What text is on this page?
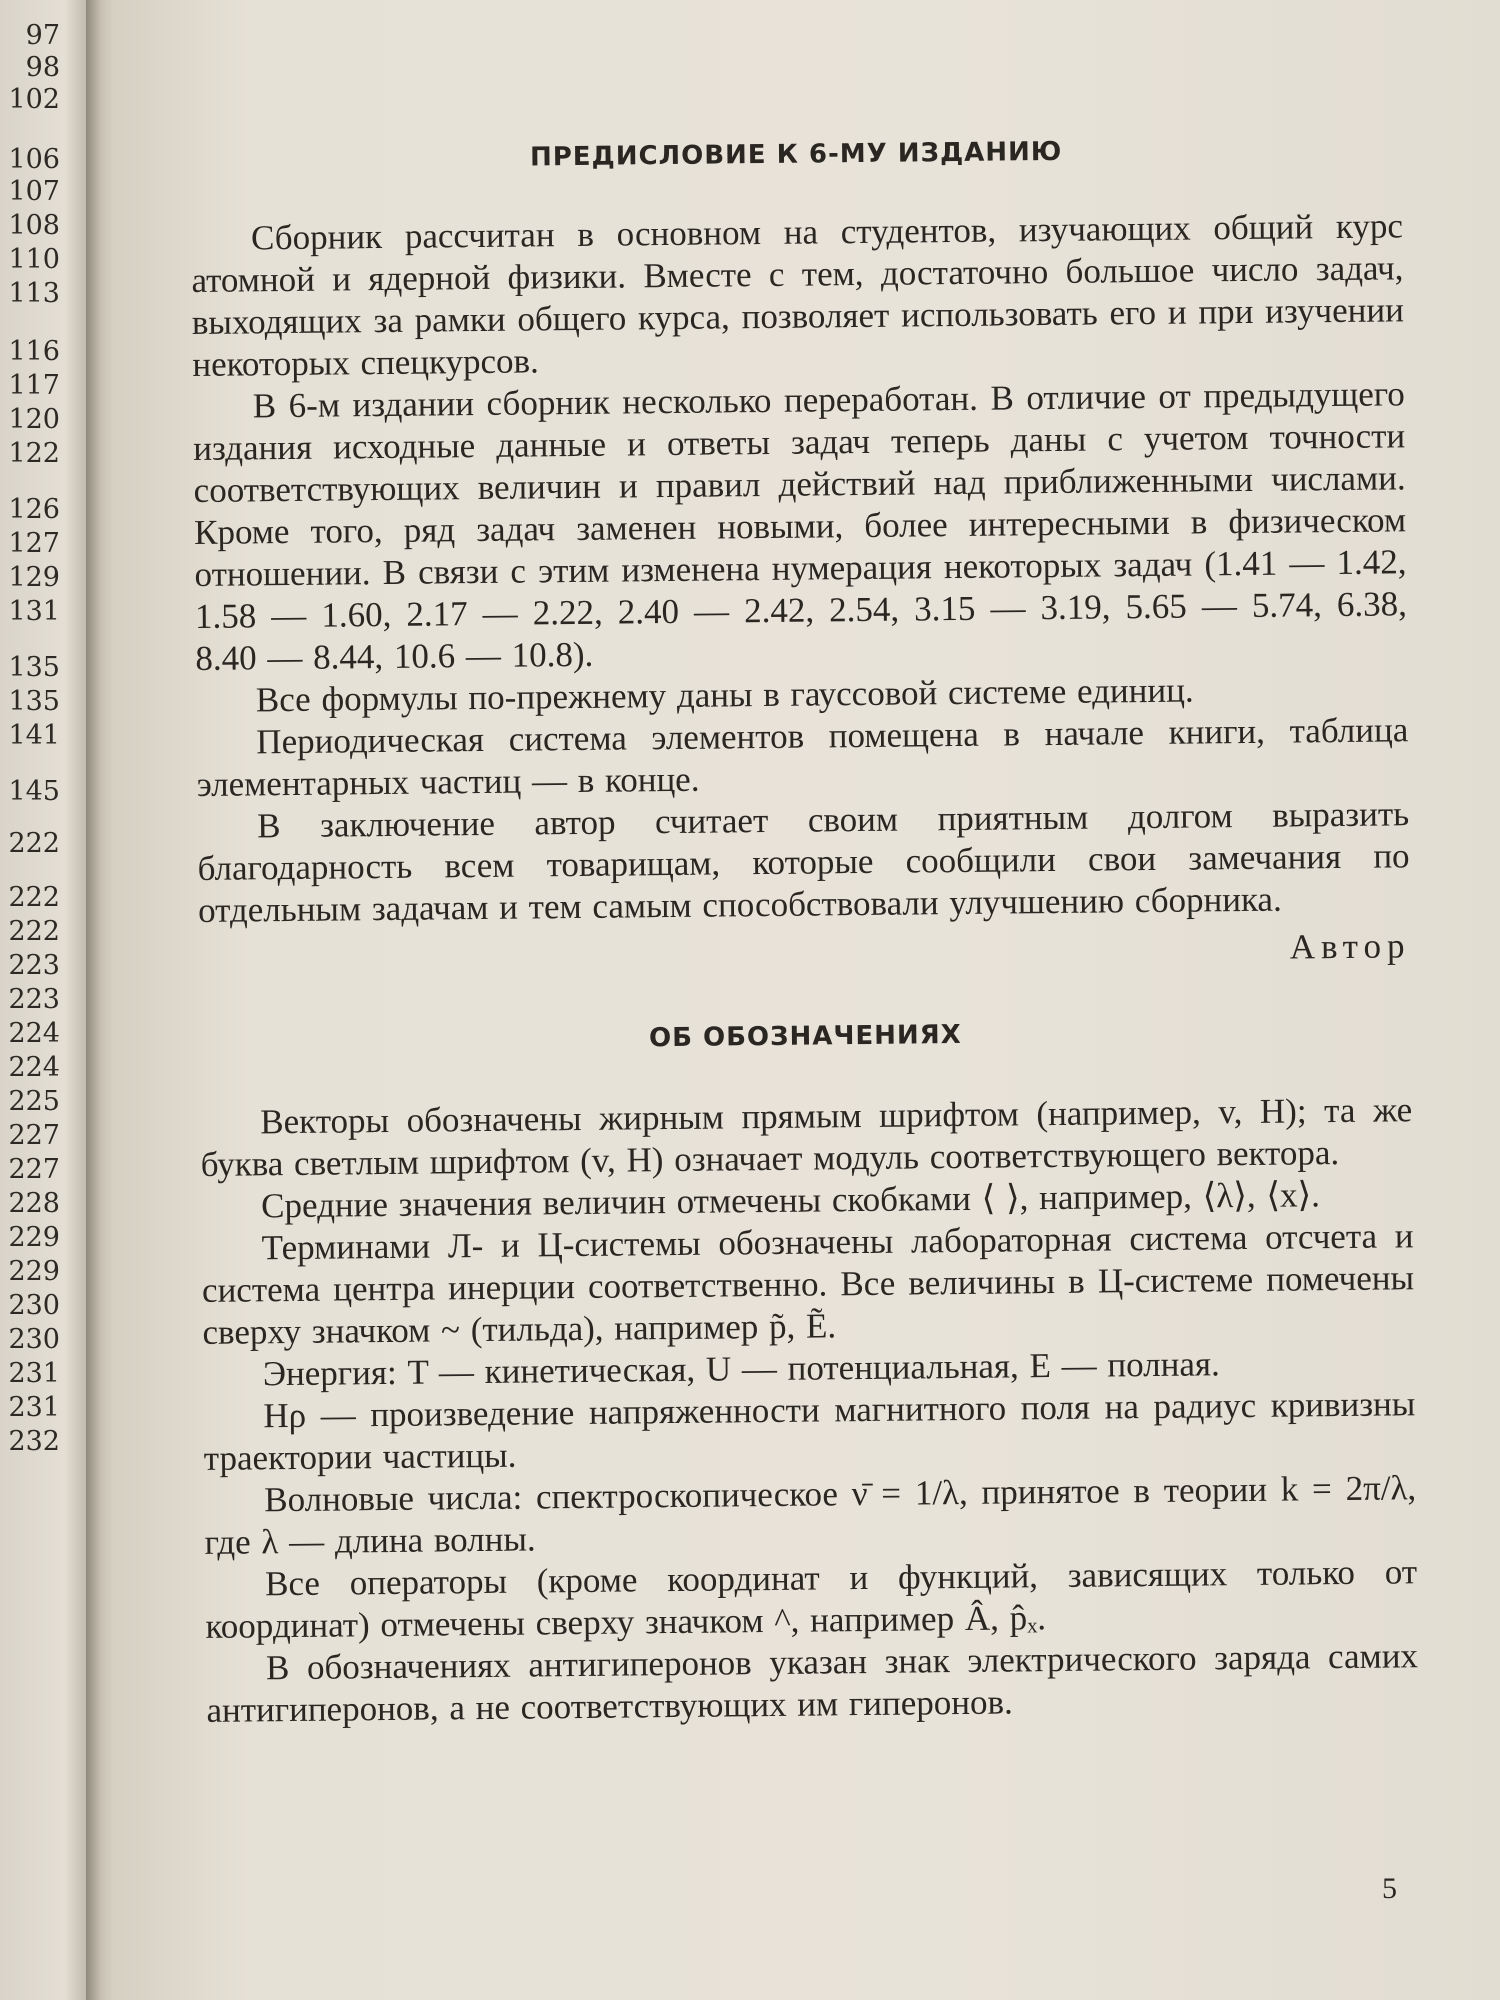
97
98
102
106
107
108
110
113
116
117
120
122
126
127
129
131
135
135
141
145
222
222
222
223
223
224
224
225
227
227
228
229
229
230
230
231
231
232
ПРЕДИСЛОВИЕ К 6-МУ ИЗДАНИЮ

Сборник рассчитан в основном на студентов, изучающих общий курс атомной и ядерной физики. Вместе с тем, достаточно большое число задач, выходящих за рамки общего курса, позволяет использовать его и при изучении некоторых спецкурсов.

В 6-м издании сборник несколько переработан. В отличие от предыдущего издания исходные данные и ответы задач теперь даны с учетом точности соответствующих величин и правил действий над приближенными числами. Кроме того, ряд задач заменен новыми, более интересными в физическом отношении. В связи с этим изменена нумерация некоторых задач (1.41 — 1.42, 1.58 — 1.60, 2.17 — 2.22, 2.40 — 2.42, 2.54, 3.15 — 3.19, 5.65 — 5.74, 6.38, 8.40 — 8.44, 10.6 — 10.8).

Все формулы по-прежнему даны в гауссовой системе единиц.

Периодическая система элементов помещена в начале книги, таблица элементарных частиц — в конце.

В заключение автор считает своим приятным долгом выразить благодарность всем товарищам, которые сообщили свои замечания по отдельным задачам и тем самым способствовали улучшению сборника.

Автор

ОБ ОБОЗНАЧЕНИЯХ

Векторы обозначены жирным прямым шрифтом (например, v, H); та же буква светлым шрифтом (v, H) означает модуль соответствующего вектора.

Средние значения величин отмечены скобками ⟨ ⟩, например, ⟨λ⟩, ⟨x⟩.

Терминами Л- и Ц-системы обозначены лабораторная система отсчета и система центра инерции соответственно. Все величины в Ц-системе помечены сверху значком ~ (тильда), например p̃, Ẽ.

Энергия: T — кинетическая, U — потенциальная, E — полная.

Hρ — произведение напряженности магнитного поля на радиус кривизны траектории частицы.

Волновые числа: спектроскопическое ν̄ = 1/λ, принятое в теории k = 2π/λ, где λ — длина волны.

Все операторы (кроме координат и функций, зависящих только от координат) отмечены сверху значком ^, например Â, p̂ₓ.

В обозначениях антигиперонов указан знак электрического заряда самих антигиперонов, а не соответствующих им гиперонов.

5
